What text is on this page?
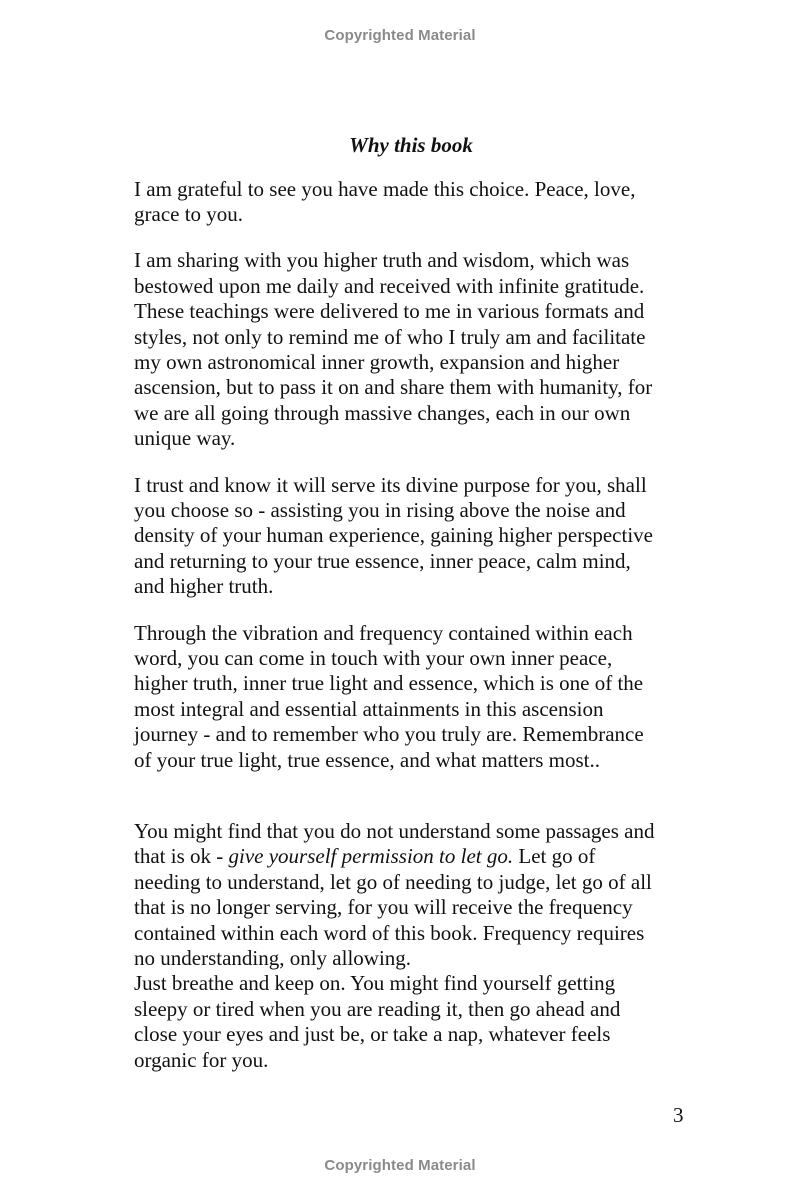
Copyrighted Material
Why this book

I am grateful to see you have made this choice. Peace, love,
grace to you.

I am sharing with you higher truth and wisdom, which was
bestowed upon me daily and received with infinite gratitude.
These teachings were delivered to me in various formats and
styles, not only to remind me of who I truly am and facilitate
my own astronomical inner growth, expansion and higher
ascension, but to pass it on and share them with humanity, for
we are all going through massive changes, each in our own
unique way.

I trust and know it will serve its divine purpose for you, shall
you choose so - assisting you in rising above the noise and
density of your human experience, gaining higher perspective
and returning to your true essence, inner peace, calm mind,
and higher truth.

Through the vibration and frequency contained within each
word, you can come in touch with your own inner peace,
higher truth, inner true light and essence, which is one of the
most integral and essential attainments in this ascension
journey - and to remember who you truly are. Remembrance
of your true light, true essence, and what matters most..

You might find that you do not understand some passages and
that is ok - give yourself permission to let go. Let go of
needing to understand, let go of needing to judge, let go of all
that is no longer serving, for you will receive the frequency
contained within each word of this book. Frequency requires
no understanding, only allowing.

Just breathe and keep on. You might find yourself getting
sleepy or tired when you are reading it, then go ahead and
close your eyes and just be, or take a nap, whatever feels
organic for you.

3
Copyrighted Material
